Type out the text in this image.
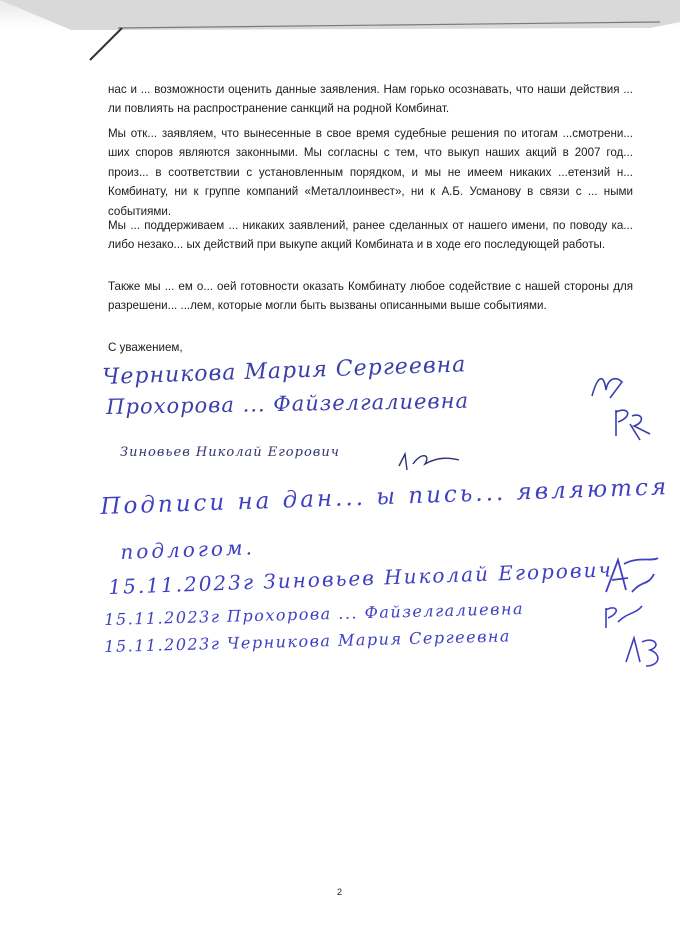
нас и ... возможности оценить данные заявления. Нам горько осознавать, что наши действия ... ли повлиять на распространение санкций на родной Комбинат.

Мы отк... заявляем, что вынесенные в свое время судебные решения по итогам ...смотрени... ших споров являются законными. Мы согласны с тем, что выкуп наших акций в 2007 год... произ... в соответствии с установленным порядком, и мы не имеем никаких ...етензий н... Комбинату, ни к группе компаний «Металлоинвест», ни к А.Б. Усманову в связи с ... ными событиями.

Мы ... поддерживаем ... никаких заявлений, ранее сделанных от нашего имени, по поводу ка... либо незако... ых действий при выкупе акций Комбината и в ходе его последующей работы.

Также мы ... ем о... оей готовности оказать Комбинату любое содействие с нашей стороны для разрешени... ...лем, которые могли быть вызваны описанными выше событиями.

С уважением,

Черникова Мария Сергеевна

Прохорова ... Файзелгалиевна

Зиновьев Николай Егорович

Подписи на дан... ы пись... являются

подлогом.

15.11.2023г Зиновьев Николай Егорович

15.11.2023г Прохорова ... Файзелгалиевна

15.11.2023г Черникова Мария Сергеевна

2
